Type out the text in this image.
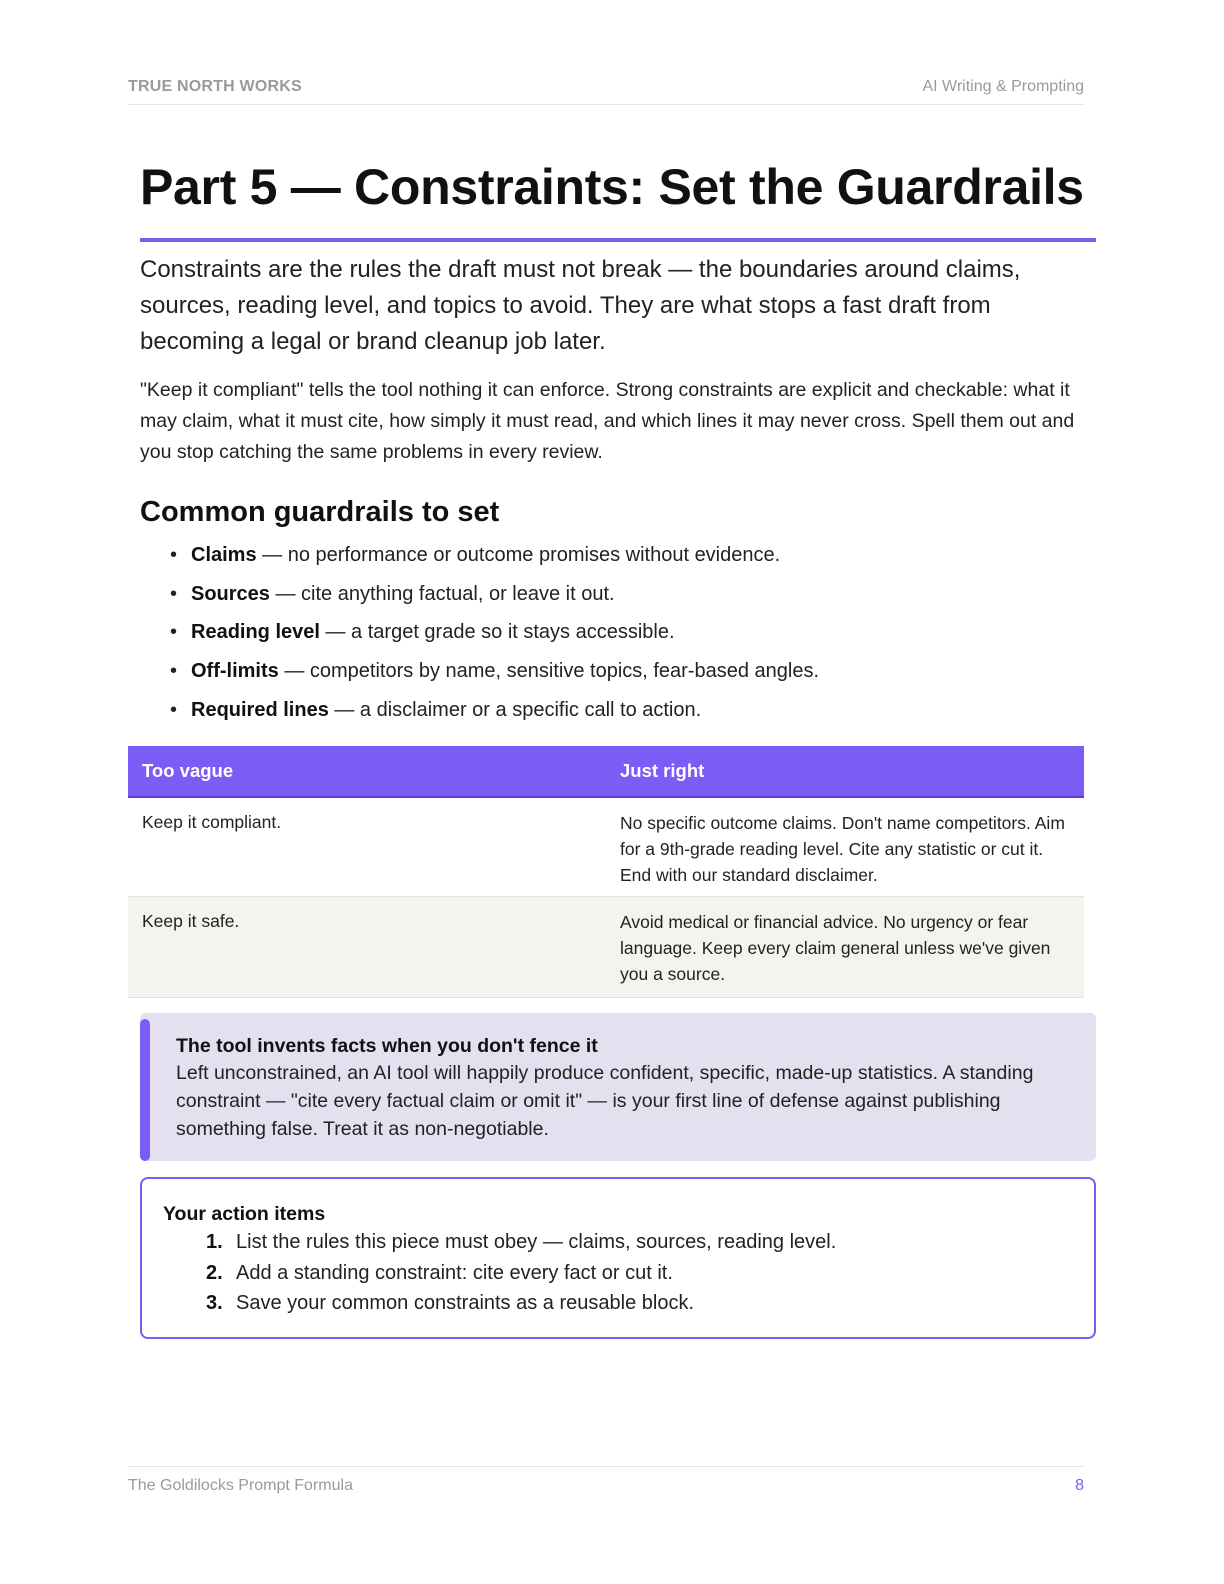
TRUE NORTH WORKS	AI Writing & Prompting
Part 5 — Constraints: Set the Guardrails

Constraints are the rules the draft must not break — the boundaries around claims, sources, reading level, and topics to avoid. They are what stops a fast draft from becoming a legal or brand cleanup job later.

"Keep it compliant" tells the tool nothing it can enforce. Strong constraints are explicit and checkable: what it may claim, what it must cite, how simply it must read, and which lines it may never cross. Spell them out and you stop catching the same problems in every review.

Common guardrails to set
• Claims — no performance or outcome promises without evidence.
• Sources — cite anything factual, or leave it out.
• Reading level — a target grade so it stays accessible.
• Off-limits — competitors by name, sensitive topics, fear-based angles.
• Required lines — a disclaimer or a specific call to action.
Too vague	Just right
Keep it compliant.	No specific outcome claims. Don't name competitors. Aim for a 9th-grade reading level. Cite any statistic or cut it. End with our standard disclaimer.
Keep it safe.	Avoid medical or financial advice. No urgency or fear language. Keep every claim general unless we've given you a source.
The tool invents facts when you don't fence it
Left unconstrained, an AI tool will happily produce confident, specific, made-up statistics. A standing constraint — "cite every factual claim or omit it" — is your first line of defense against publishing something false. Treat it as non-negotiable.
Your action items
1. List the rules this piece must obey — claims, sources, reading level.
2. Add a standing constraint: cite every fact or cut it.
3. Save your common constraints as a reusable block.
The Goldilocks Prompt Formula	8
